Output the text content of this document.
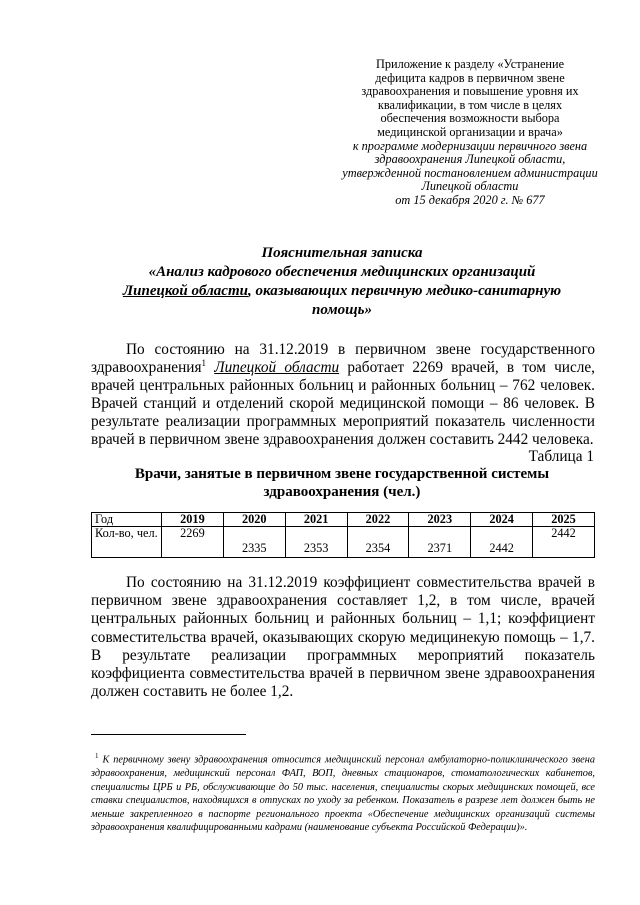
Приложение к разделу «Устранение
дефицита кадров в первичном звене
здравоохранения и повышение уровня их
квалификации, в том числе в целях
обеспечения возможности выбора
медицинской организации и врача»
к программе модернизации первичного звена
здравоохранения Липецкой области,
утвержденной постановлением администрации
Липецкой области
от 15 декабря 2020 г. № 677
Пояснительная записка
«Анализ кадрового обеспечения медицинских организаций
Липецкой области, оказывающих первичную медико-санитарную
помощь»
По состоянию на 31.12.2019 в первичном звене государственного здравоохранения$^1$ Липецкой области работает 2269 врачей, в том числе, врачей центральных районных больниц и районных больниц – 762 человек. Врачей станций и отделений скорой медицинской помощи – 86 человек. В результате реализации программных мероприятий показатель численности врачей в первичном звене здравоохранения должен составить 2442 человека.
Таблица 1
Врачи, занятые в первичном звене государственной системы
здравоохранения (чел.)
Год	2019	2020	2021	2022	2023	2024	2025
Кол-во, чел.	2269	2335	2353	2354	2371	2442	2442
По состоянию на 31.12.2019 коэффициент совместительства врачей в первичном звене здравоохранения составляет 1,2, в том числе, врачей центральных районных больниц и районных больниц – 1,1; коэффициент совместительства врачей, оказывающих скорую медицинекую помощь – 1,7. В результате реализации программных мероприятий показатель коэффициента совместительства врачей в первичном звене здравоохранения должен составить не более 1,2.
$^1$ К первичному звену здравоохранения относится медицинский персонал амбулаторно-поликлинического звена здравоохранения, медицинский персонал ФАП, ВОП, дневных стационаров, стоматологических кабинетов, специалисты ЦРБ и РБ, обслуживающие до 50 тыс. населения, специалисты скорых медицинских помощей, все ставки специалистов, находящихся в отпусках по уходу за ребенком. Показатель в разрезе лет должен быть не меньше закрепленного в паспорте регионального проекта «Обеспечение медицинских организаций системы здравоохранения квалифицированными кадрами (наименование субъекта Российской Федерации)».
